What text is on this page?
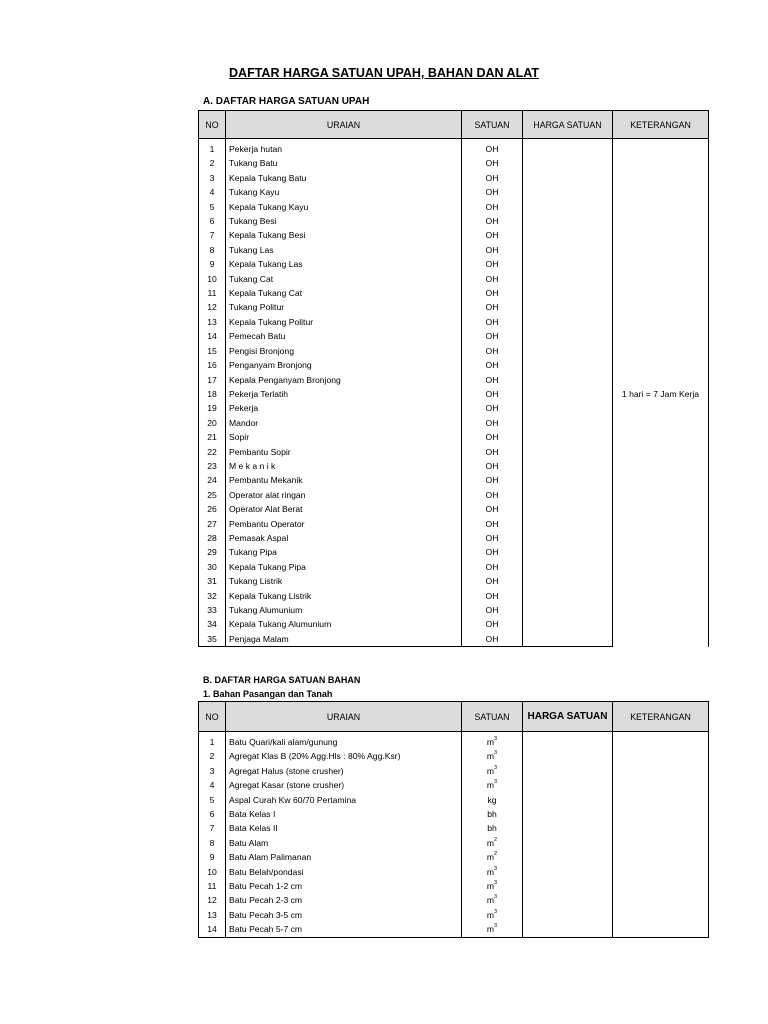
DAFTAR HARGA SATUAN UPAH, BAHAN DAN ALAT
A. DAFTAR HARGA SATUAN UPAH
NO	URAIAN	SATUAN	HARGA SATUAN	KETERANGAN
1	Pekerja hutan	OH		1 hari = 7 Jam Kerja
2	Tukang Batu	OH		
3	Kepala Tukang Batu	OH		
4	Tukang Kayu	OH		
5	Kepala Tukang Kayu	OH		
6	Tukang Besi	OH		
7	Kepala Tukang Besi	OH		
8	Tukang Las	OH		
9	Kepala Tukang Las	OH		
10	Tukang Cat	OH		
11	Kepala Tukang Cat	OH		
12	Tukang Politur	OH		
13	Kepala Tukang Politur	OH		
14	Pemecah Batu	OH		
15	Pengisi Bronjong	OH		
16	Penganyam Bronjong	OH		
17	Kepala Penganyam Bronjong	OH		
18	Pekerja Terlatih	OH		
19	Pekerja	OH		
20	Mandor	OH		
21	Sopir	OH		
22	Pembantu Sopir	OH		
23	M e k a n i k	OH		
24	Pembantu Mekanik	OH		
25	Operator alat ringan	OH		
26	Operator Alat Berat	OH		
27	Pembantu Operator	OH		
28	Pemasak Aspal	OH		
29	Tukang Pipa	OH		
30	Kepala Tukang Pipa	OH		
31	Tukang Listrik	OH		
32	Kepala Tukang Listrik	OH		
33	Tukang Alumunium	OH		
34	Kepala Tukang Alumunium	OH		
35	Penjaga Malam	OH		
B. DAFTAR HARGA SATUAN BAHAN
1. Bahan Pasangan dan Tanah
NO	URAIAN	SATUAN	HARGA SATUAN	KETERANGAN
1	Batu Quari/kali alam/gunung	$m^3$		
2	Agregat Klas B (20% Agg.Hls : 80% Agg.Ksr)	$m^3$		
3	Agregat Halus (stone crusher)	$m^3$		
4	Agregat Kasar (stone crusher)	$m^3$		
5	Aspal Curah Kw 60/70 Pertamina	kg		
6	Bata Kelas I	bh		
7	Bata Kelas II	bh		
8	Batu Alam	$m^2$		
9	Batu Alam Palimanan	$m^2$		
10	Batu Belah/pondasi	$m^3$		
11	Batu Pecah 1-2 cm	$m^3$		
12	Batu Pecah 2-3 cm	$m^3$		
13	Batu Pecah 3-5 cm	$m^3$		
14	Batu Pecah 5-7 cm	$m^3$		
